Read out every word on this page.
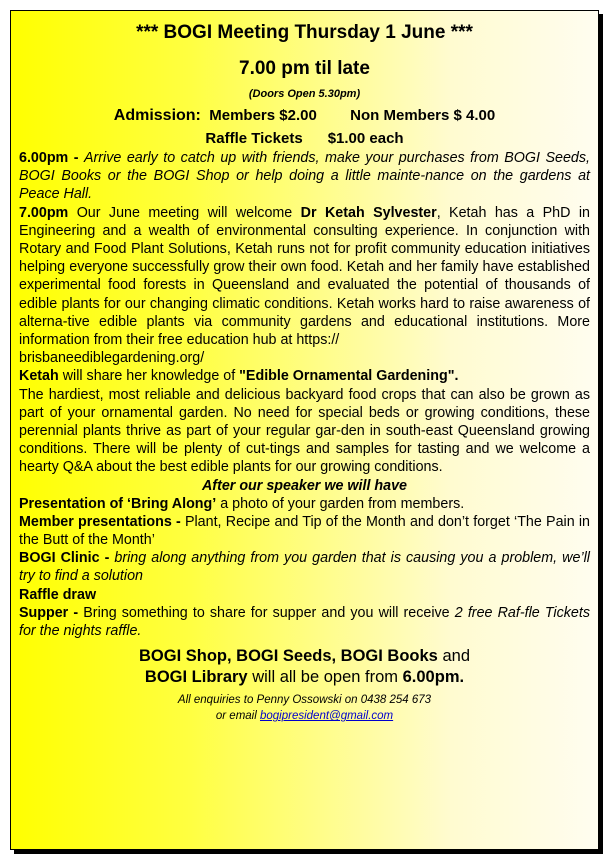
*** BOGI Meeting Thursday 1 June ***
7.00 pm til late
(Doors Open 5.30pm)
Admission: Members $2.00 Non Members $ 4.00
Raffle Tickets $1.00 each

6.00pm - Arrive early to catch up with friends, make your purchases from BOGI Seeds, BOGI Books or the BOGI Shop or help doing a little mainte-nance on the gardens at Peace Hall.

7.00pm Our June meeting will welcome Dr Ketah Sylvester, Ketah has a PhD in Engineering and a wealth of environmental consulting experience. In conjunction with Rotary and Food Plant Solutions, Ketah runs not for profit community education initiatives helping everyone successfully grow their own food. Ketah and her family have established experimental food forests in Queensland and evaluated the potential of thousands of edible plants for our changing climatic conditions. Ketah works hard to raise awareness of alterna-tive edible plants via community gardens and educational institutions. More information from their free education hub at https://
brisbaneediblegardening.org/

Ketah will share her knowledge of "Edible Ornamental Gardening".

The hardiest, most reliable and delicious backyard food crops that can also be grown as part of your ornamental garden. No need for special beds or growing conditions, these perennial plants thrive as part of your regular gar-den in south-east Queensland growing conditions. There will be plenty of cut-tings and samples for tasting and we welcome a hearty Q&A about the best edible plants for our growing conditions.

After our speaker we will have

Presentation of ‘Bring Along’ a photo of your garden from members.

Member presentations - Plant, Recipe and Tip of the Month and don’t forget ‘The Pain in the Butt of the Month’

BOGI Clinic - bring along anything from you garden that is causing you a problem, we’ll try to find a solution

Raffle draw

Supper - Bring something to share for supper and you will receive 2 free Raf-fle Tickets for the nights raffle.

BOGI Shop, BOGI Seeds, BOGI Books and
BOGI Library will all be open from 6.00pm.
All enquiries to Penny Ossowski on 0438 254 673
or email bogipresident@gmail.com
